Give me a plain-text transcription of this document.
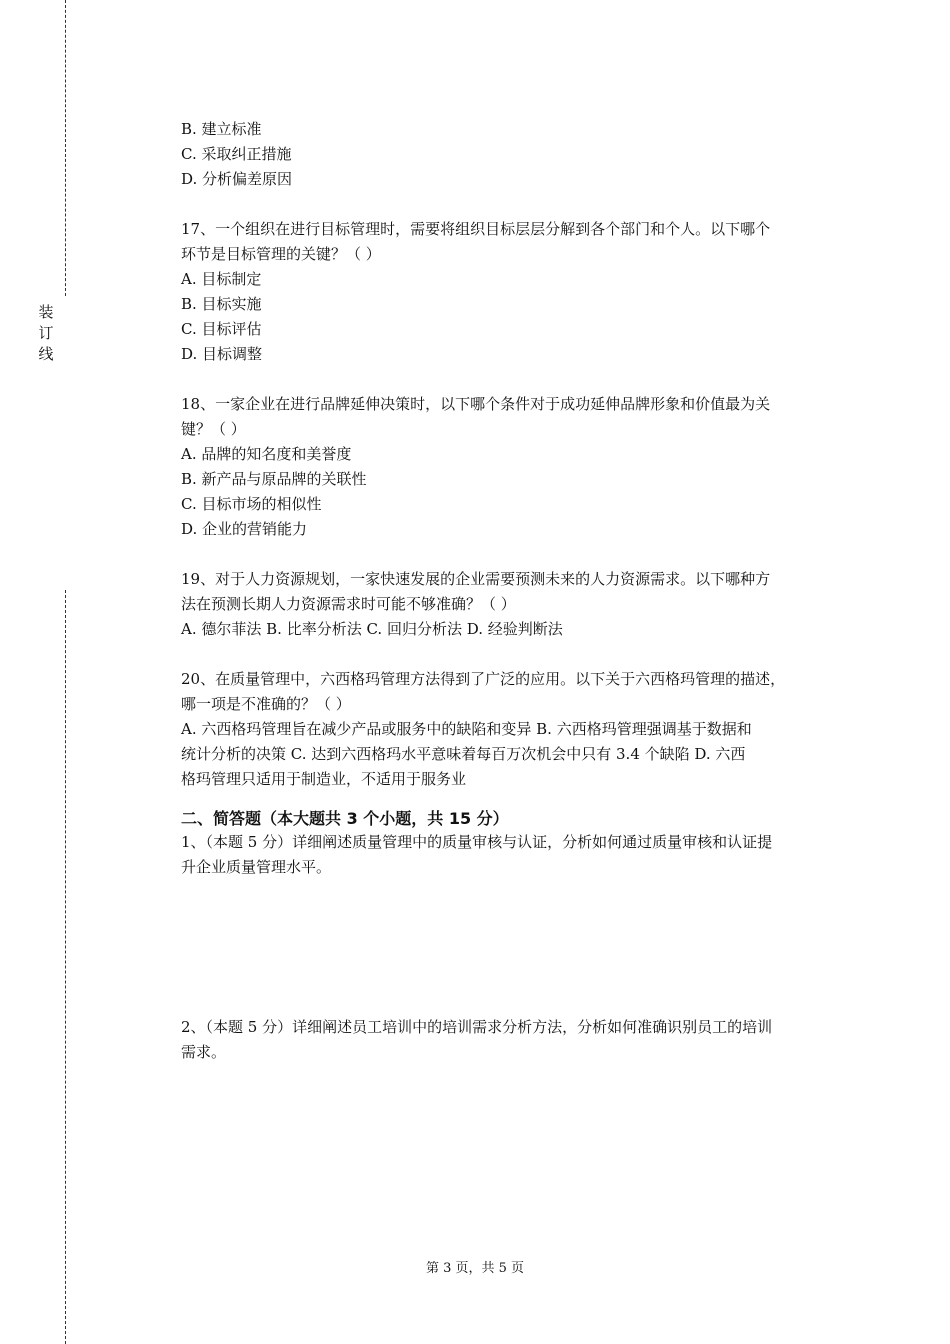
装
订
线
B. 建立标准
C. 采取纠正措施
D. 分析偏差原因
17、一个组织在进行目标管理时，需要将组织目标层层分解到各个部门和个人。以下哪个
环节是目标管理的关键？（ ）
A. 目标制定
B. 目标实施
C. 目标评估
D. 目标调整
18、一家企业在进行品牌延伸决策时，以下哪个条件对于成功延伸品牌形象和价值最为关
键？（ ）
A. 品牌的知名度和美誉度
B. 新产品与原品牌的关联性
C. 目标市场的相似性
D. 企业的营销能力
19、对于人力资源规划，一家快速发展的企业需要预测未来的人力资源需求。以下哪种方
法在预测长期人力资源需求时可能不够准确？（ ）
A. 德尔菲法 B. 比率分析法 C. 回归分析法 D. 经验判断法
20、在质量管理中，六西格玛管理方法得到了广泛的应用。以下关于六西格玛管理的描述，
哪一项是不准确的？（ ）
A. 六西格玛管理旨在减少产品或服务中的缺陷和变异 B. 六西格玛管理强调基于数据和
统计分析的决策 C. 达到六西格玛水平意味着每百万次机会中只有 3.4 个缺陷 D. 六西
格玛管理只适用于制造业，不适用于服务业
二、简答题（本大题共 3 个小题，共 15 分）
1、（本题 5 分）详细阐述质量管理中的质量审核与认证，分析如何通过质量审核和认证提
升企业质量管理水平。
2、（本题 5 分）详细阐述员工培训中的培训需求分析方法，分析如何准确识别员工的培训
需求。
第 3 页，共 5 页
